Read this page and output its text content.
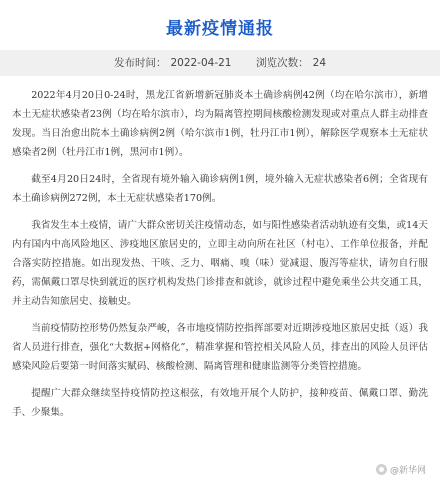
最新疫情通报
发布时间： 2022-04-21 浏览次数： 24

2022年4月20日0-24时，黑龙江省新增新冠肺炎本土确诊病例42例（均在哈尔滨市），新增本土无症状感染者23例（均在哈尔滨市），均为隔离管控期间核酸检测发现或对重点人群主动排查发现。当日治愈出院本土确诊病例2例（哈尔滨市1例，牡丹江市1例），解除医学观察本土无症状感染者2例（牡丹江市1例，黑河市1例）。

截至4月20日24时，全省现有境外输入确诊病例1例，境外输入无症状感染者6例；全省现有本土确诊病例272例，本土无症状感染者170例。

我省发生本土疫情，请广大群众密切关注疫情动态，如与阳性感染者活动轨迹有交集，或14天内有国内中高风险地区、涉疫地区旅居史的，立即主动向所在社区（村屯）、工作单位报备，并配合落实防控措施。如出现发热、干咳、乏力、咽痛、嗅（味）觉减退、腹泻等症状，请勿自行服药，需佩戴口罩尽快到就近的医疗机构发热门诊排查和就诊，就诊过程中避免乘坐公共交通工具，并主动告知旅居史、接触史。

当前疫情防控形势仍然复杂严峻，各市地疫情防控指挥部要对近期涉疫地区旅居史抵（返）我省人员进行排查，强化“大数据+网格化”，精准掌握和管控相关风险人员，排查出的风险人员评估感染风险后要第一时间落实赋码、核酸检测、隔离管理和健康监测等分类管控措施。

提醒广大群众继续坚持疫情防控这根弦，有效地开展个人防护，接种疫苗、佩戴口罩、勤洗手、少聚集。

@新华网
